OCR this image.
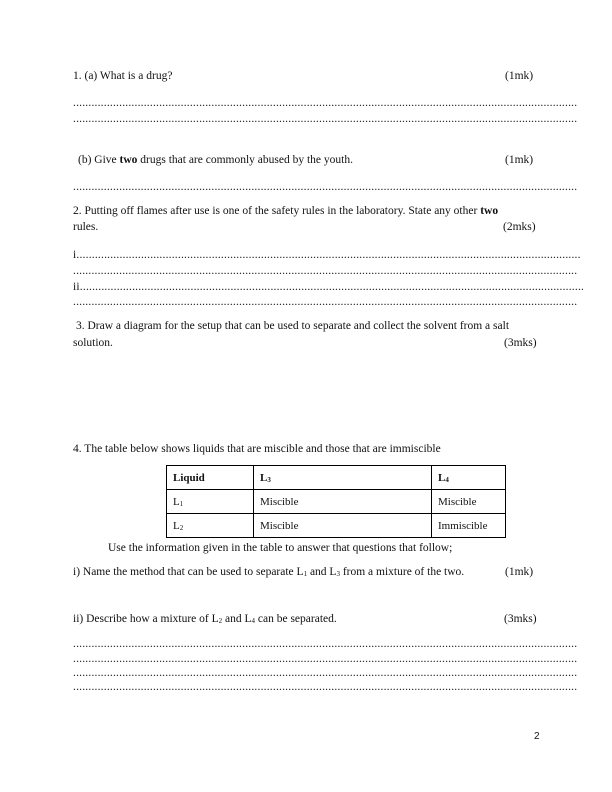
1. (a) What is a drug?	(1mk)
....................................................................................................................................................................
....................................................................................................................................................................
(b) Give two drugs that are commonly abused by the youth.	(1mk)
....................................................................................................................................................................
2. Putting off flames after use is one of the safety rules in the laboratory. State any other two
rules.	(2mks)
i....................................................................................................................................................................
....................................................................................................................................................................
ii....................................................................................................................................................................
....................................................................................................................................................................
3. Draw a diagram for the setup that can be used to separate and collect the solvent from a salt
solution.	(3mks)
4. The table below shows liquids that are miscible and those that are immiscible
Liquid	$L_3$	$L_4$
$L_1$	Miscible	Miscible
$L_2$	Miscible	Immiscible
Use the information given in the table to answer that questions that follow;
i) Name the method that can be used to separate $L_1$ and $L_3$ from a mixture of the two.	(1mk)
ii) Describe how a mixture of $L_2$ and $L_4$ can be separated.	(3mks)
....................................................................................................................................................................
....................................................................................................................................................................
....................................................................................................................................................................
....................................................................................................................................................................
2
